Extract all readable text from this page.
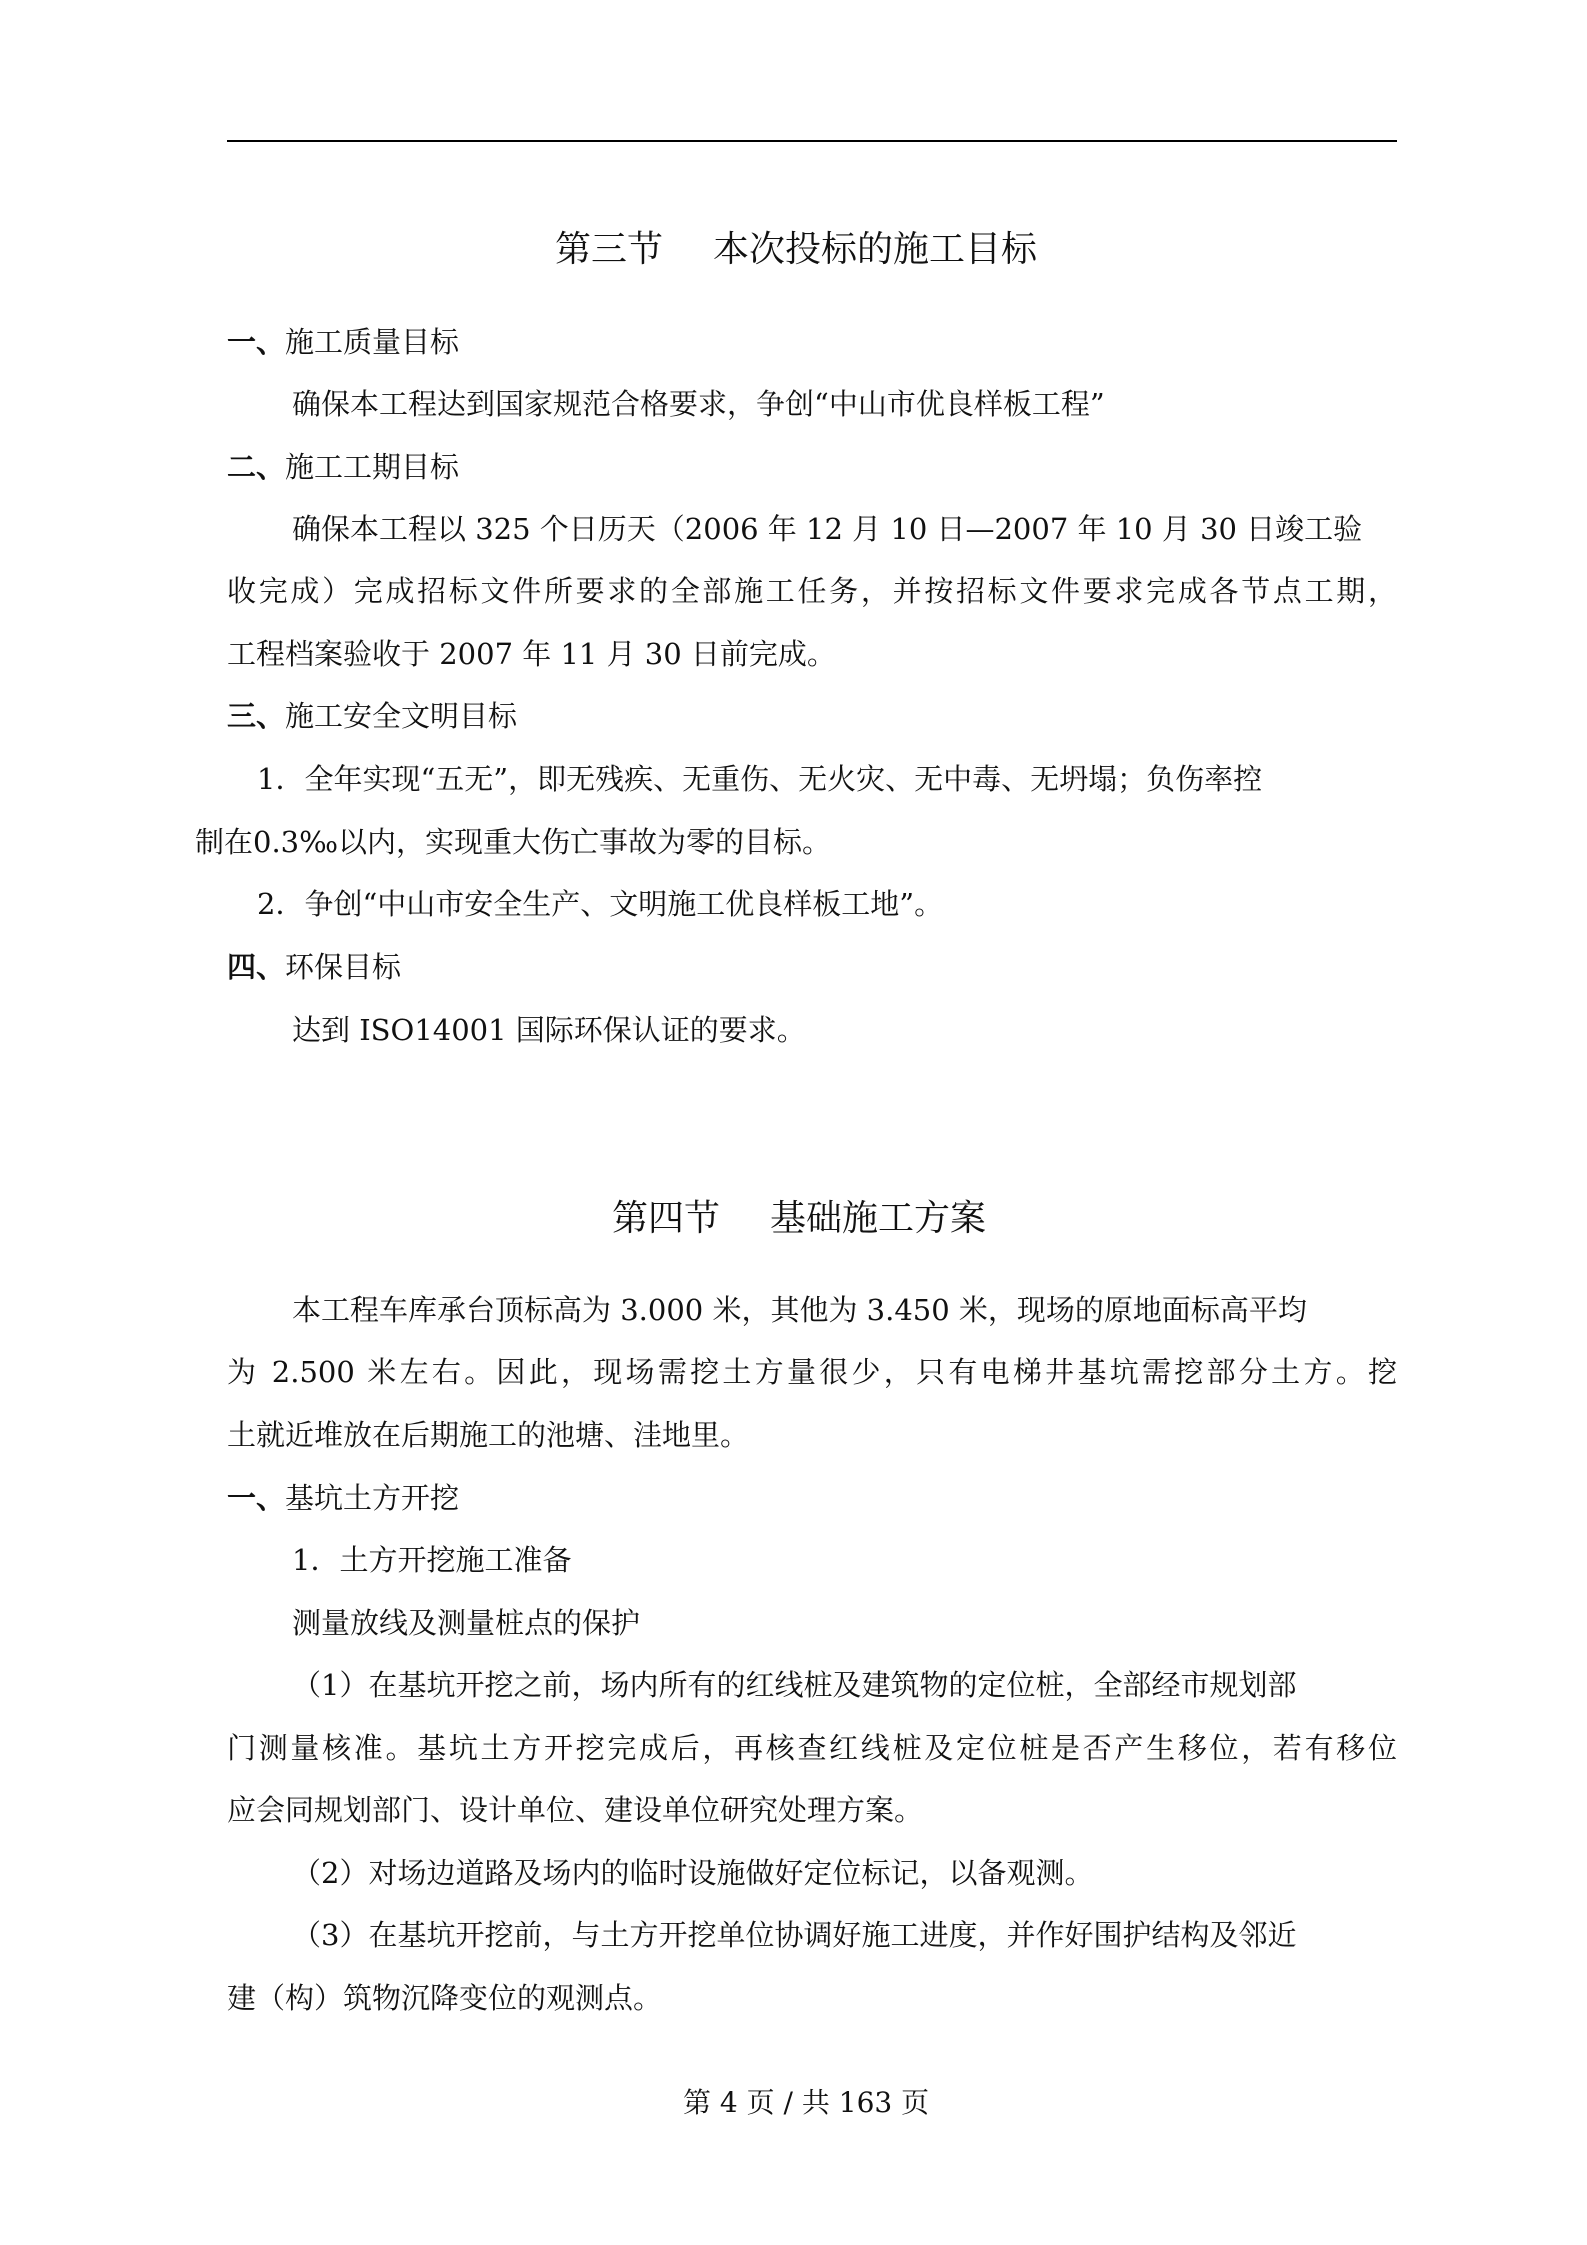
第三节 本次投标的施工目标
一、施工质量目标
确保本工程达到国家规范合格要求，争创“中山市优良样板工程”
二、施工工期目标
确保本工程以 325 个日历天（2006 年 12 月 10 日—2007 年 10 月 30 日竣工验
收完成）完成招标文件所要求的全部施工任务，并按招标文件要求完成各节点工期，
工程档案验收于 2007 年 11 月 30 日前完成。
三、施工安全文明目标
1．全年实现“五无”，即无残疾、无重伤、无火灾、无中毒、无坍塌；负伤率控
制在0.3‰以内，实现重大伤亡事故为零的目标。
2．争创“中山市安全生产、文明施工优良样板工地”。
四、环保目标
达到 ISO14001 国际环保认证的要求。
第四节 基础施工方案
本工程车库承台顶标高为 3.000 米，其他为 3.450 米，现场的原地面标高平均
为 2.500 米左右。因此，现场需挖土方量很少，只有电梯井基坑需挖部分土方。挖
土就近堆放在后期施工的池塘、洼地里。
一、基坑土方开挖
1．土方开挖施工准备
测量放线及测量桩点的保护
（1）在基坑开挖之前，场内所有的红线桩及建筑物的定位桩，全部经市规划部
门测量核准。基坑土方开挖完成后，再核查红线桩及定位桩是否产生移位，若有移位
应会同规划部门、设计单位、建设单位研究处理方案。
（2）对场边道路及场内的临时设施做好定位标记，以备观测。
（3）在基坑开挖前，与土方开挖单位协调好施工进度，并作好围护结构及邻近
建（构）筑物沉降变位的观测点。
第 4 页 / 共 163 页
